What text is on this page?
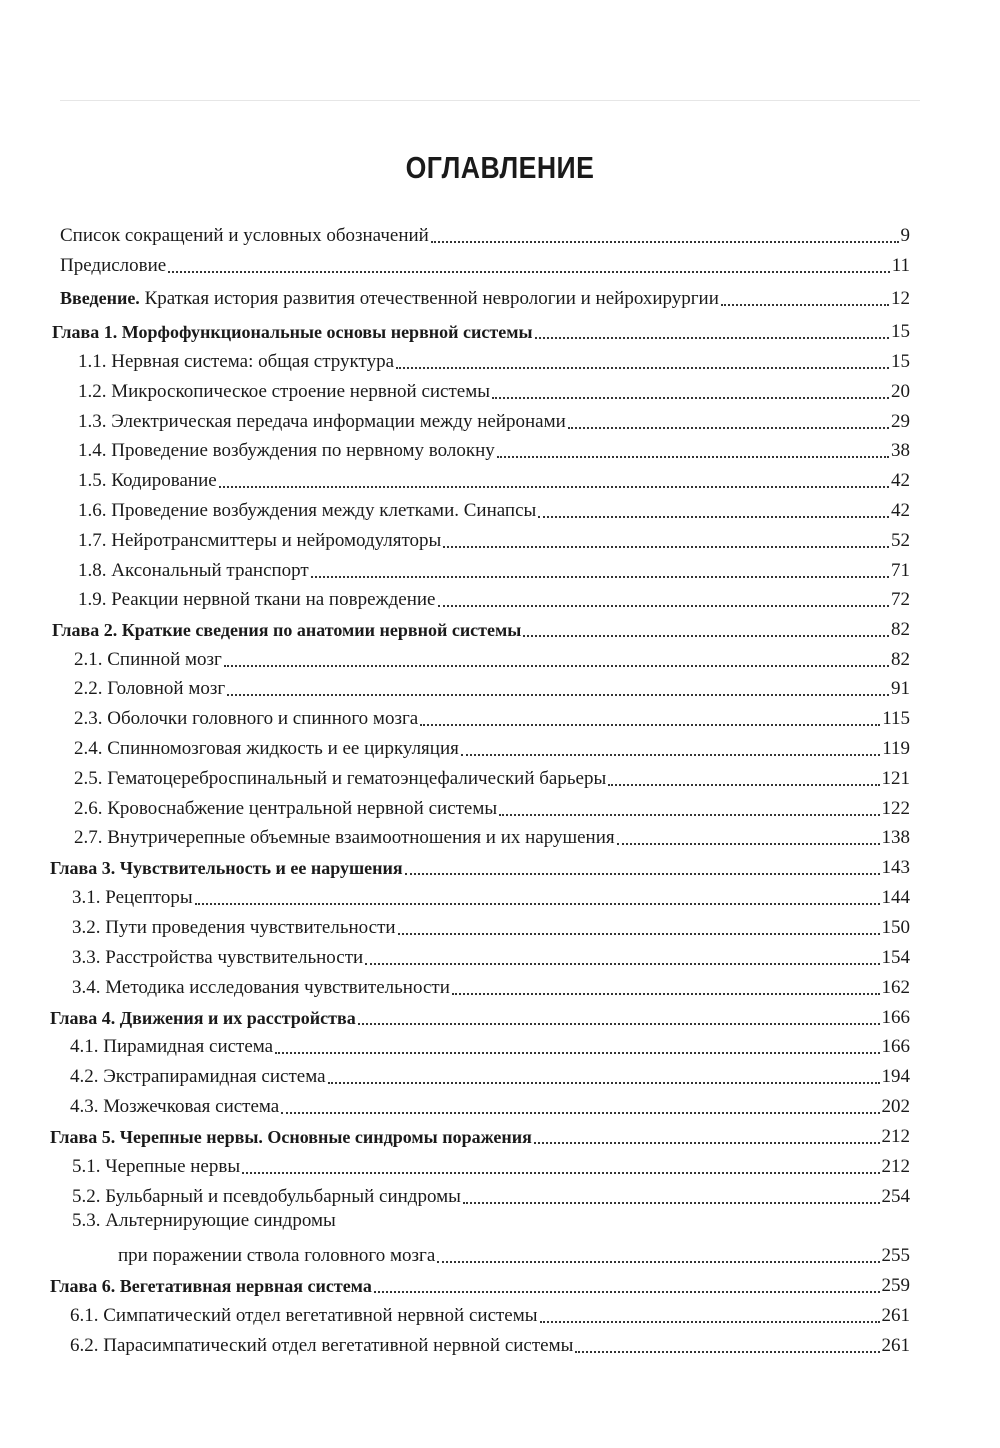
ОГЛАВЛЕНИЕ
Список сокращений и условных обозначений	9
Предисловие	11
Введение. Краткая история развития отечественной неврологии и нейрохирургии	12
Глава 1. Морфофункциональные основы нервной системы	15
1.1. Нервная система: общая структура	15
1.2. Микроскопическое строение нервной системы	20
1.3. Электрическая передача информации между нейронами	29
1.4. Проведение возбуждения по нервному волокну	38
1.5. Кодирование	42
1.6. Проведение возбуждения между клетками. Синапсы	42
1.7. Нейротрансмиттеры и нейромодуляторы	52
1.8. Аксональный транспорт	71
1.9. Реакции нервной ткани на повреждение	72
Глава 2. Краткие сведения по анатомии нервной системы	82
2.1. Спинной мозг	82
2.2. Головной мозг	91
2.3. Оболочки головного и спинного мозга	115
2.4. Спинномозговая жидкость и ее циркуляция	119
2.5. Гематоцереброспинальный и гематоэнцефалический барьеры	121
2.6. Кровоснабжение центральной нервной системы	122
2.7. Внутричерепные объемные взаимоотношения и их нарушения	138
Глава 3. Чувствительность и ее нарушения	143
3.1. Рецепторы	144
3.2. Пути проведения чувствительности	150
3.3. Расстройства чувствительности	154
3.4. Методика исследования чувствительности	162
Глава 4. Движения и их расстройства	166
4.1. Пирамидная система	166
4.2. Экстрапирамидная система	194
4.3. Мозжечковая система	202
Глава 5. Черепные нервы. Основные синдромы поражения	212
5.1. Черепные нервы	212
5.2. Бульбарный и псевдобульбарный синдромы	254
5.3. Альтернирующие синдромы
при поражении ствола головного мозга	255
Глава 6. Вегетативная нервная система	259
6.1. Симпатический отдел вегетативной нервной системы	261
6.2. Парасимпатический отдел вегетативной нервной системы	261
